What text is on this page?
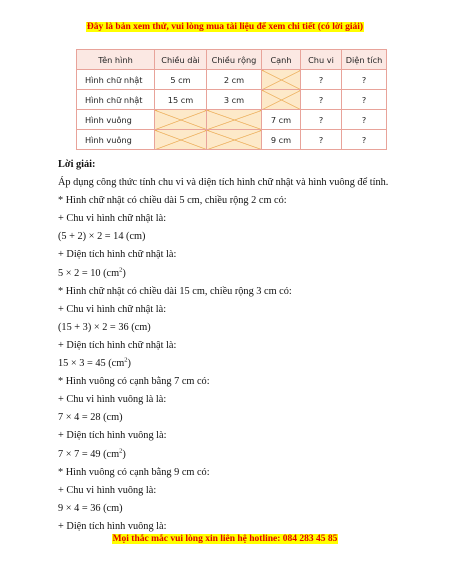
Đây là bản xem thử, vui lòng mua tài liệu để xem chi tiết (có lời giải)
Tên hình	Chiều dài	Chiều rộng	Cạnh	Chu vi	Diện tích
Hình chữ nhật	5 cm	2 cm		?	?
Hình chữ nhật	15 cm	3 cm		?	?
Hình vuông			7 cm	?	?
Hình vuông			9 cm	?	?
Lời giải:
Áp dụng công thức tính chu vi và diện tích hình chữ nhật và hình vuông để tính.
* Hình chữ nhật có chiều dài 5 cm, chiều rộng 2 cm có:
+ Chu vi hình chữ nhật là:
(5 + 2) × 2 = 14 (cm)
+ Diện tích hình chữ nhật là:
5 × 2 = 10 $(cm^2)$
* Hình chữ nhật có chiều dài 15 cm, chiều rộng 3 cm có:
+ Chu vi hình chữ nhật là:
(15 + 3) × 2 = 36 (cm)
+ Diện tích hình chữ nhật là:
15 × 3 = 45 $(cm^2)$
* Hình vuông có cạnh bằng 7 cm có:
+ Chu vi hình vuông là là:
7 × 4 = 28 (cm)
+ Diện tích hình vuông là:
7 × 7 = 49 $(cm^2)$
* Hình vuông có cạnh bằng 9 cm có:
+ Chu vi hình vuông là:
9 × 4 = 36 (cm)
+ Diện tích hình vuông là:
Mọi thắc mắc vui lòng xin liên hệ hotline: 084 283 45 85
